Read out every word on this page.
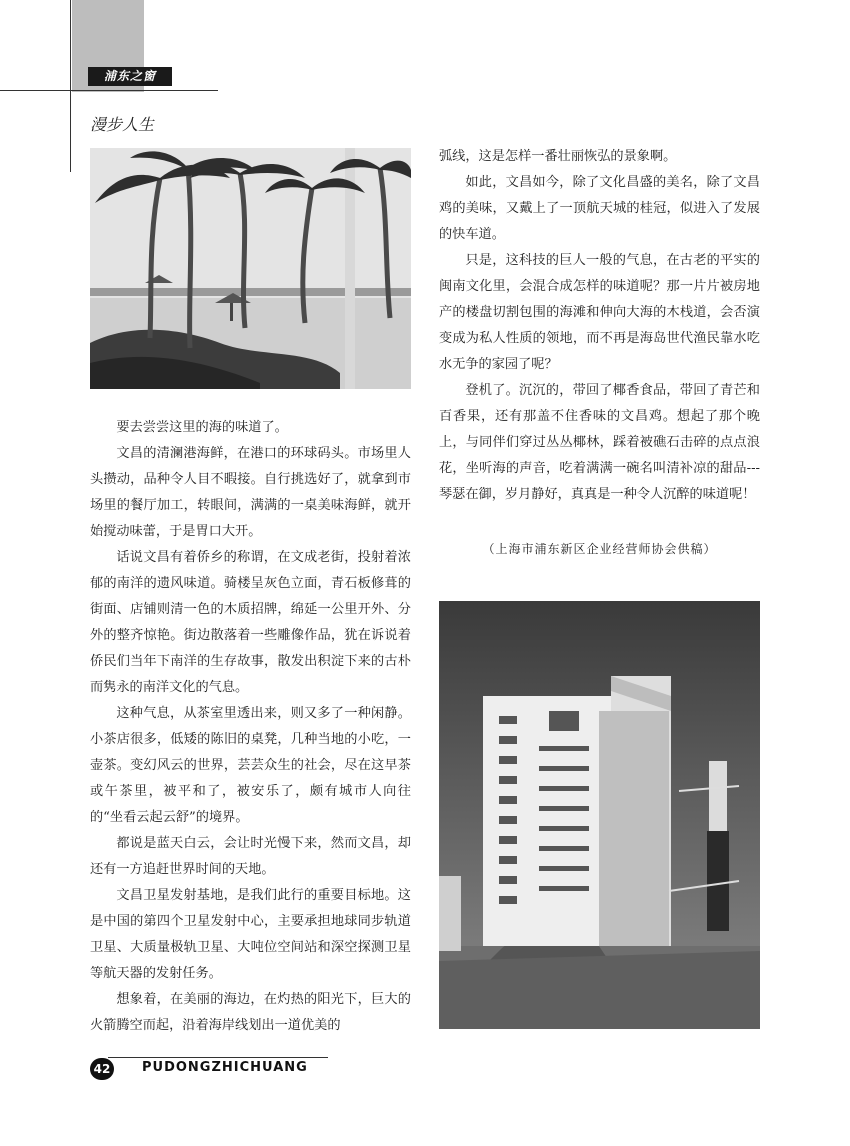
浦东之窗
漫步人生

要去尝尝这里的海的味道了。

文昌的清澜港海鲜，在港口的环球码头。市场里人头攒动，品种令人目不暇接。自行挑选好了，就拿到市场里的餐厅加工，转眼间，满满的一桌美味海鲜，就开始搅动味蕾，于是胃口大开。

话说文昌有着侨乡的称谓，在文成老街，投射着浓郁的南洋的遗风味道。骑楼呈灰色立面，青石板修葺的街面、店铺则清一色的木质招牌，绵延一公里开外、分外的整齐惊艳。街边散落着一些雕像作品，犹在诉说着侨民们当年下南洋的生存故事，散发出积淀下来的古朴而隽永的南洋文化的气息。

这种气息，从茶室里透出来，则又多了一种闲静。小茶店很多，低矮的陈旧的桌凳，几种当地的小吃，一壶茶。变幻风云的世界，芸芸众生的社会，尽在这早茶或午茶里，被平和了，被安乐了，颇有城市人向往的“坐看云起云舒”的境界。

都说是蓝天白云，会让时光慢下来，然而文昌，却还有一方追赶世界时间的天地。

文昌卫星发射基地，是我们此行的重要目标地。这是中国的第四个卫星发射中心，主要承担地球同步轨道卫星、大质量极轨卫星、大吨位空间站和深空探测卫星等航天器的发射任务。

想象着，在美丽的海边，在灼热的阳光下，巨大的火箭腾空而起，沿着海岸线划出一道优美的

弧线，这是怎样一番壮丽恢弘的景象啊。

如此，文昌如今，除了文化昌盛的美名，除了文昌鸡的美味，又戴上了一顶航天城的桂冠，似进入了发展的快车道。

只是，这科技的巨人一般的气息，在古老的平实的闽南文化里，会混合成怎样的味道呢？那一片片被房地产的楼盘切割包围的海滩和伸向大海的木栈道，会否演变成为私人性质的领地，而不再是海岛世代渔民靠水吃水无争的家园了呢？

登机了。沉沉的，带回了椰香食品，带回了青芒和百香果，还有那盖不住香味的文昌鸡。想起了那个晚上，与同伴们穿过丛丛椰林，踩着被礁石击碎的点点浪花，坐听海的声音，吃着满满一碗名叫清补凉的甜品---琴瑟在御，岁月静好，真真是一种令人沉醉的味道呢！

（上海市浦东新区企业经营师协会供稿）
42 PUDONGZHICHUANG
